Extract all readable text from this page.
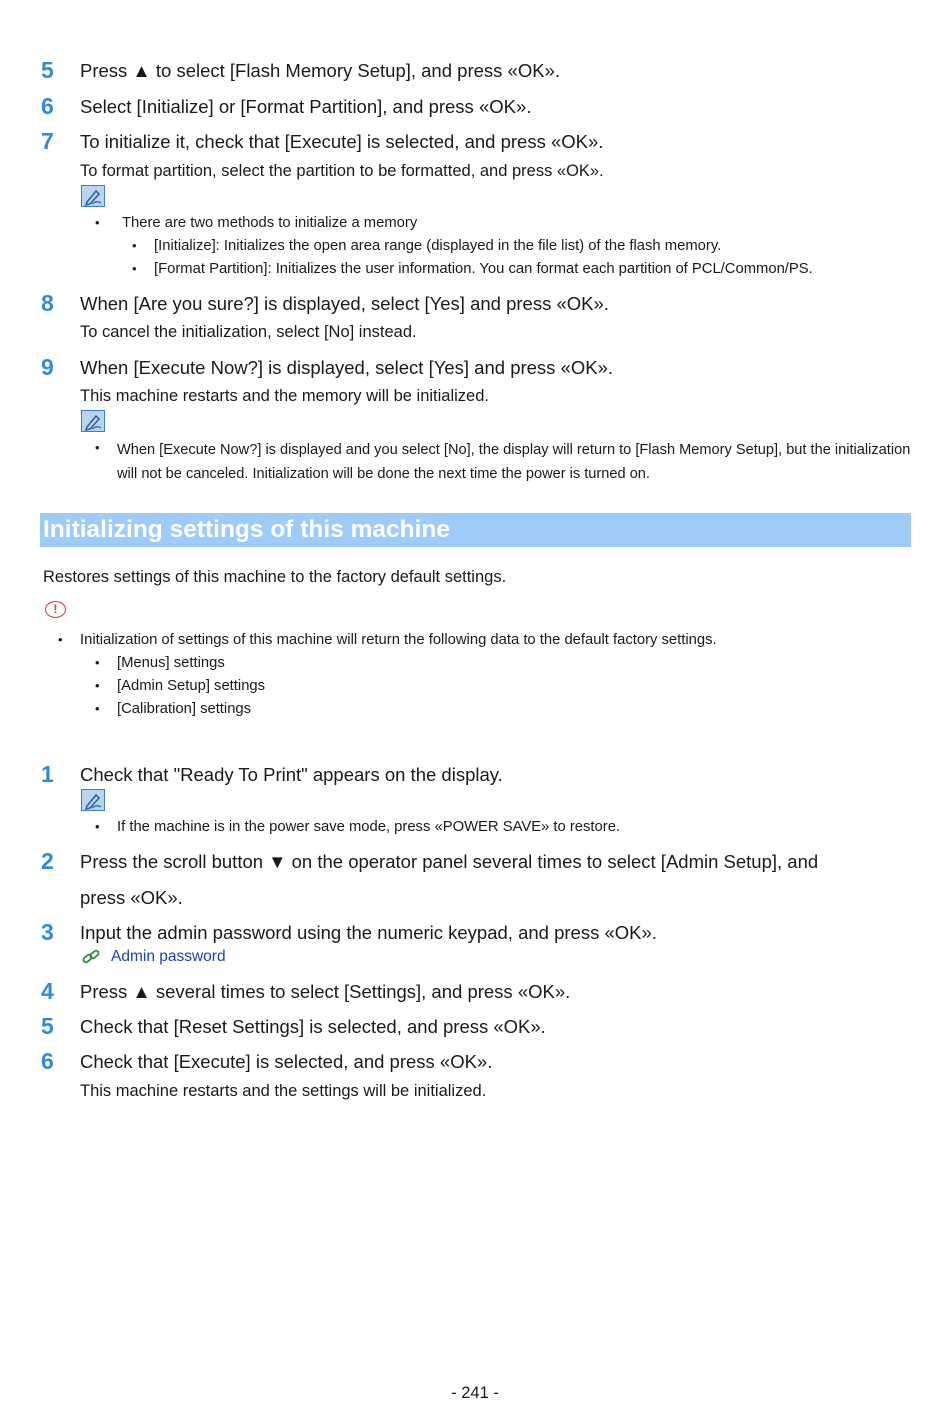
5 Press ▲ to select [Flash Memory Setup], and press «OK».
6 Select [Initialize] or [Format Partition], and press «OK».
7 To initialize it, check that [Execute] is selected, and press «OK».
To format partition, select the partition to be formatted, and press «OK».
• There are two methods to initialize a memory
• [Initialize]: Initializes the open area range (displayed in the file list) of the flash memory.
• [Format Partition]: Initializes the user information. You can format each partition of PCL/Common/PS.
8 When [Are you sure?] is displayed, select [Yes] and press «OK».
To cancel the initialization, select [No] instead.
9 When [Execute Now?] is displayed, select [Yes] and press «OK».
This machine restarts and the memory will be initialized.
• When [Execute Now?] is displayed and you select [No], the display will return to [Flash Memory Setup], but the initialization will not be canceled. Initialization will be done the next time the power is turned on.
Initializing settings of this machine
Restores settings of this machine to the factory default settings.
!
• Initialization of settings of this machine will return the following data to the default factory settings.
• [Menus] settings
• [Admin Setup] settings
• [Calibration] settings
1 Check that "Ready To Print" appears on the display.
• If the machine is in the power save mode, press «POWER SAVE» to restore.
2 Press the scroll button ▼ on the operator panel several times to select [Admin Setup], and
press «OK».
3 Input the admin password using the numeric keypad, and press «OK».
Admin password
4 Press ▲ several times to select [Settings], and press «OK».
5 Check that [Reset Settings] is selected, and press «OK».
6 Check that [Execute] is selected, and press «OK».
This machine restarts and the settings will be initialized.
- 241 -
